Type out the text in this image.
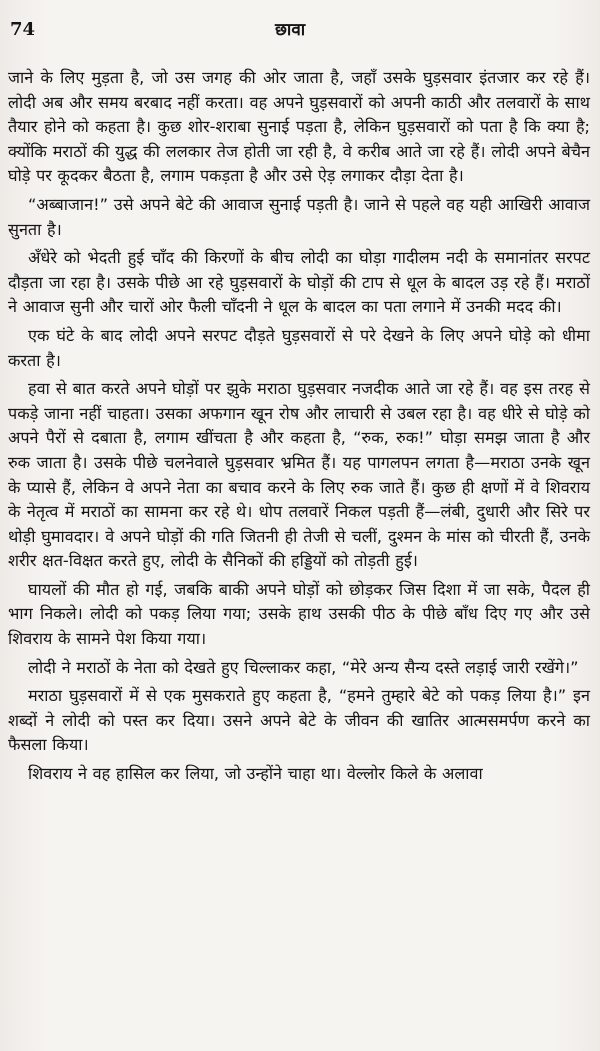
74	छावा

जाने के लिए मुड़ता है, जो उस जगह की ओर जाता है, जहाँ उसके घुड़सवार इंतजार कर रहे हैं। लोदी अब और समय बरबाद नहीं करता। वह अपने घुड़सवारों को अपनी काठी और तलवारों के साथ तैयार होने को कहता है। कुछ शोर-शराबा सुनाई पड़ता है, लेकिन घुड़सवारों को पता है कि क्या है; क्योंकि मराठों की युद्ध की ललकार तेज होती जा रही है, वे करीब आते जा रहे हैं। लोदी अपने बेचैन घोड़े पर कूदकर बैठता है, लगाम पकड़ता है और उसे ऐड़ लगाकर दौड़ा देता है।

“अब्बाजान!” उसे अपने बेटे की आवाज सुनाई पड़ती है। जाने से पहले वह यही आखिरी आवाज सुनता है।

अँधेरे को भेदती हुई चाँद की किरणों के बीच लोदी का घोड़ा गादीलम नदी के समानांतर सरपट दौड़ता जा रहा है। उसके पीछे आ रहे घुड़सवारों के घोड़ों की टाप से धूल के बादल उड़ रहे हैं। मराठों ने आवाज सुनी और चारों ओर फैली चाँदनी ने धूल के बादल का पता लगाने में उनकी मदद की।

एक घंटे के बाद लोदी अपने सरपट दौड़ते घुड़सवारों से परे देखने के लिए अपने घोड़े को धीमा करता है।

हवा से बात करते अपने घोड़ों पर झुके मराठा घुड़सवार नजदीक आते जा रहे हैं। वह इस तरह से पकड़े जाना नहीं चाहता। उसका अफगान खून रोष और लाचारी से उबल रहा है। वह धीरे से घोड़े को अपने पैरों से दबाता है, लगाम खींचता है और कहता है, “रुक, रुक!” घोड़ा समझ जाता है और रुक जाता है। उसके पीछे चलनेवाले घुड़सवार भ्रमित हैं। यह पागलपन लगता है—मराठा उनके खून के प्यासे हैं, लेकिन वे अपने नेता का बचाव करने के लिए रुक जाते हैं। कुछ ही क्षणों में वे शिवराय के नेतृत्व में मराठों का सामना कर रहे थे। धोप तलवारें निकल पड़ती हैं—लंबी, दुधारी और सिरे पर थोड़ी घुमावदार। वे अपने घोड़ों की गति जितनी ही तेजी से चलीं, दुश्मन के मांस को चीरती हैं, उनके शरीर क्षत-विक्षत करते हुए, लोदी के सैनिकों की हड्डियों को तोड़ती हुई।

घायलों की मौत हो गई, जबकि बाकी अपने घोड़ों को छोड़कर जिस दिशा में जा सके, पैदल ही भाग निकले। लोदी को पकड़ लिया गया; उसके हाथ उसकी पीठ के पीछे बाँध दिए गए और उसे शिवराय के सामने पेश किया गया।

लोदी ने मराठों के नेता को देखते हुए चिल्लाकर कहा, “मेरे अन्य सैन्य दस्ते लड़ाई जारी रखेंगे।”

मराठा घुड़सवारों में से एक मुसकराते हुए कहता है, “हमने तुम्हारे बेटे को पकड़ लिया है।” इन शब्दों ने लोदी को पस्त कर दिया। उसने अपने बेटे के जीवन की खातिर आत्मसमर्पण करने का फैसला किया।

शिवराय ने वह हासिल कर लिया, जो उन्होंने चाहा था। वेल्लोर किले के अलावा
